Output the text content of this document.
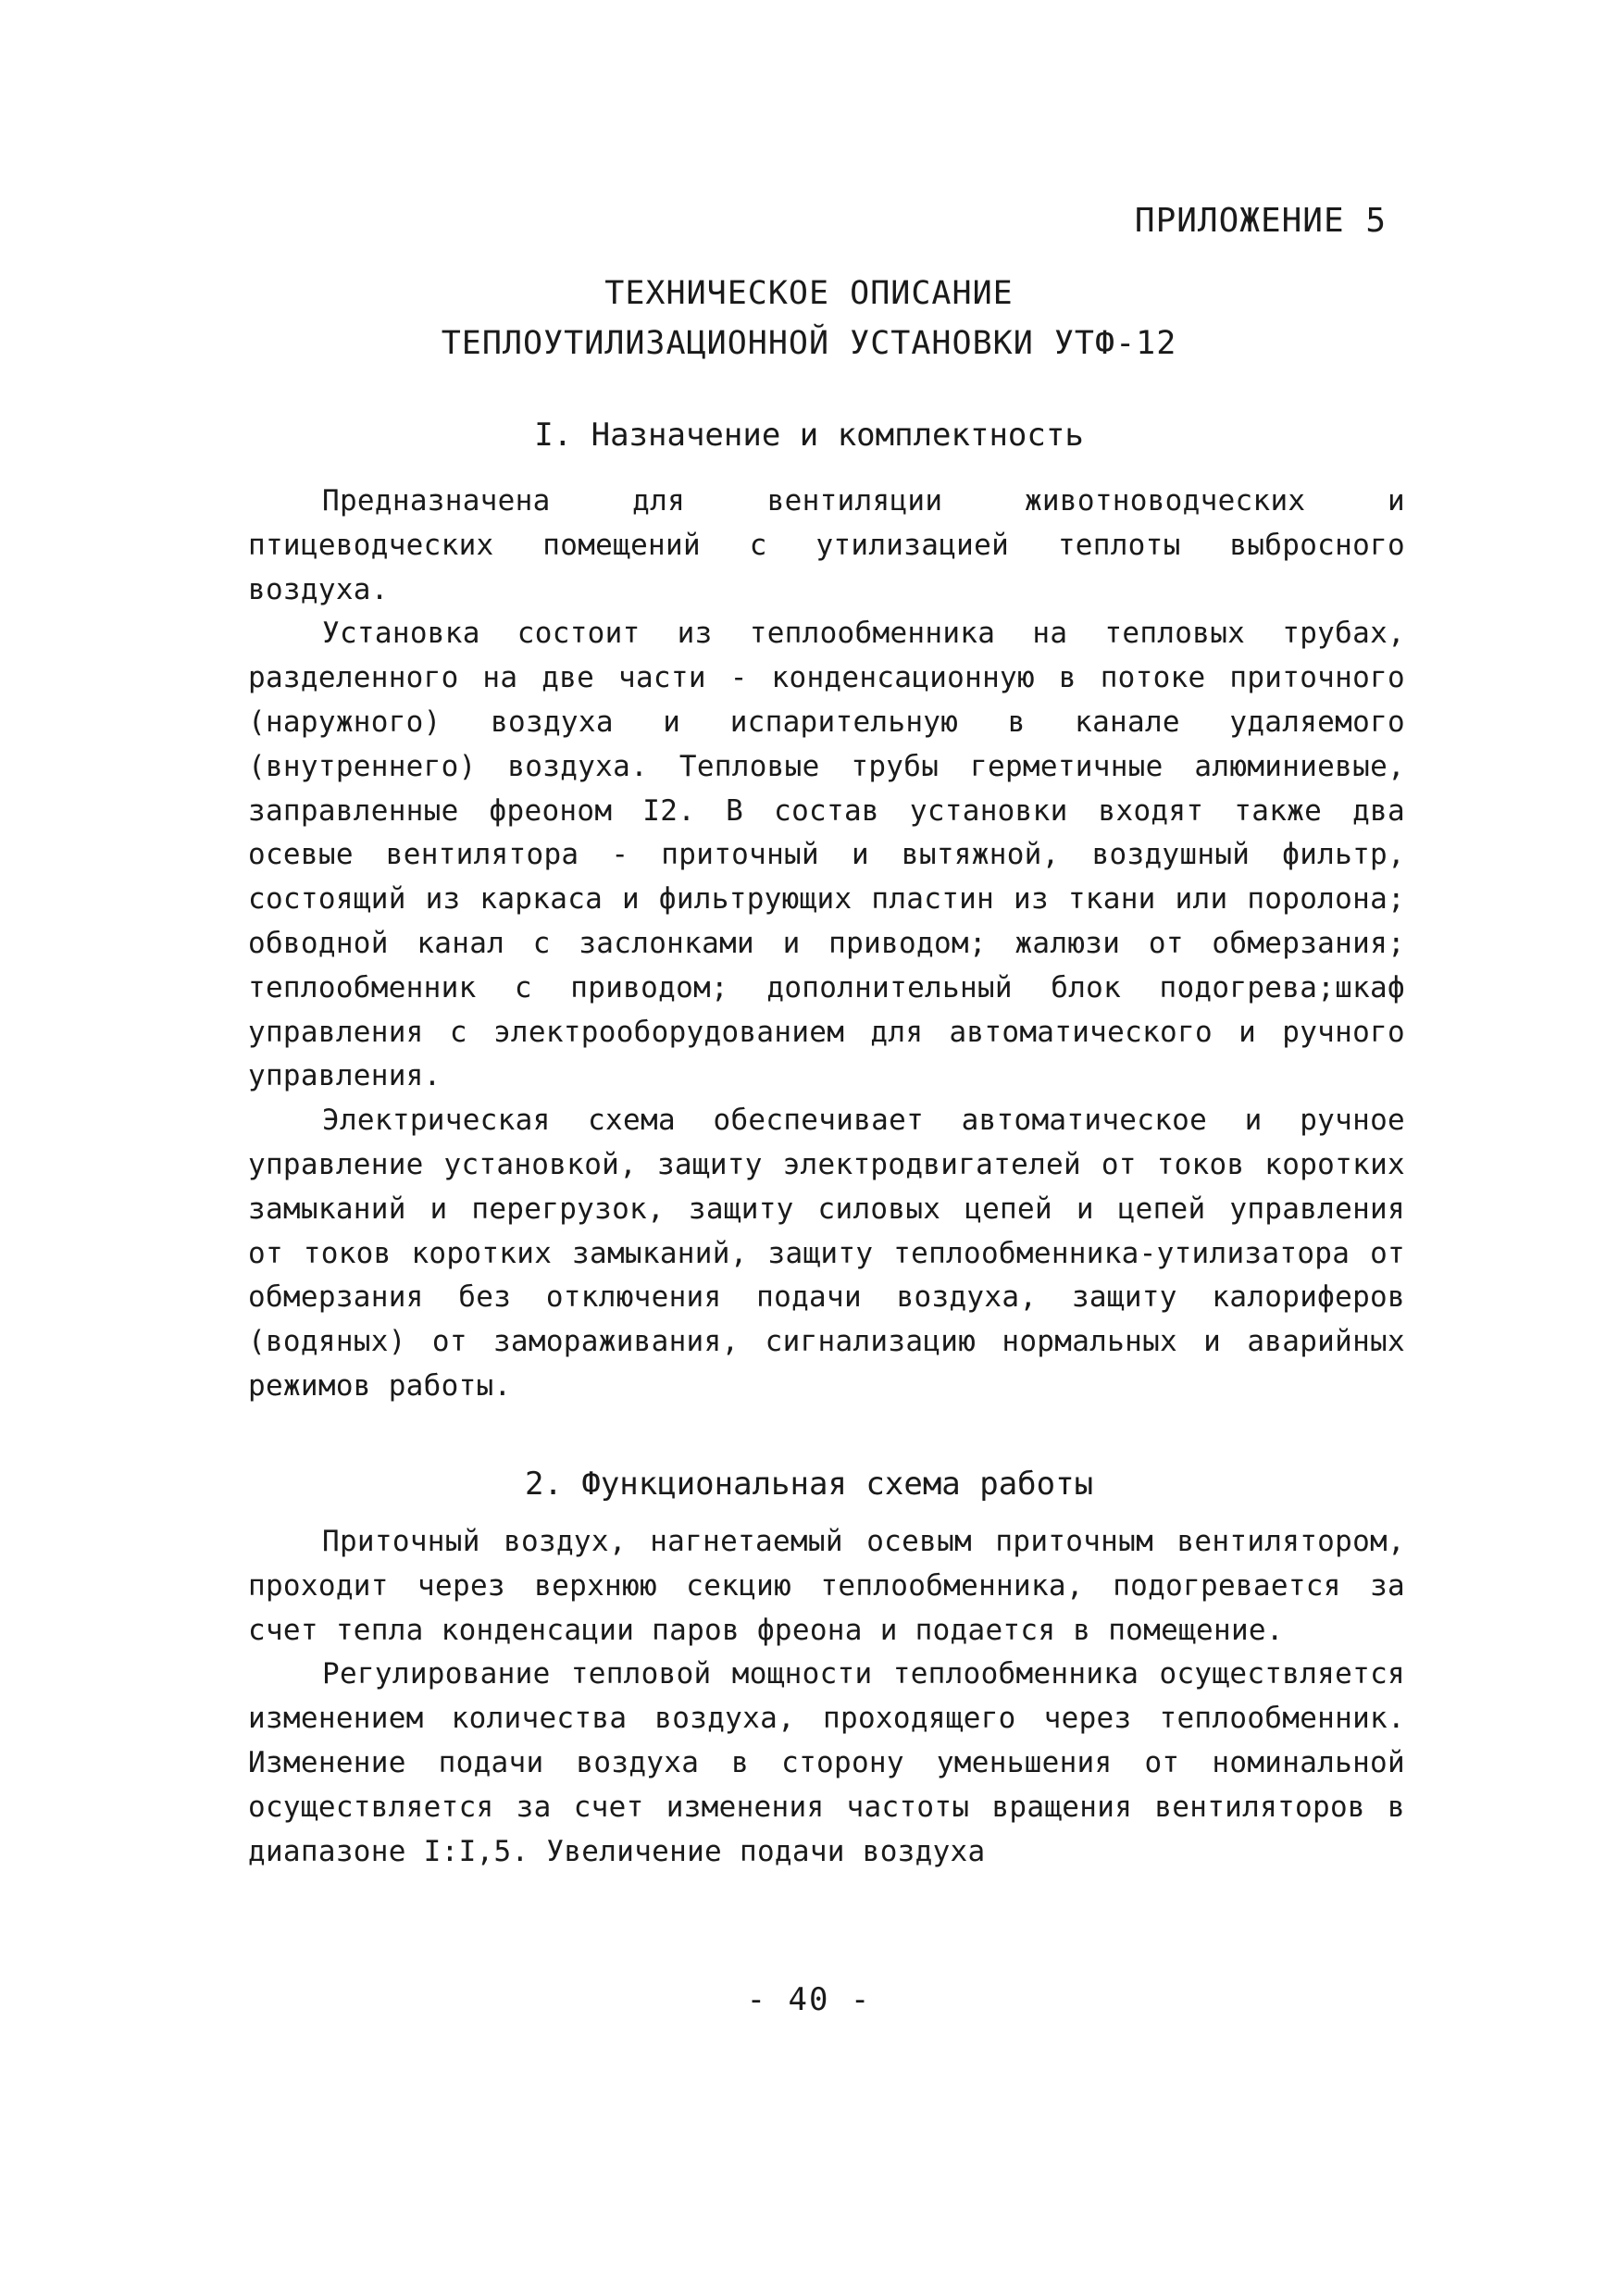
ПРИЛОЖЕНИЕ 5
ТЕХНИЧЕСКОЕ ОПИСАНИЕ
ТЕПЛОУТИЛИЗАЦИОННОЙ УСТАНОВКИ УТФ-12
I. Назначение и комплектность

Предназначена для вентиляции животноводческих и птицеводческих помещений с утилизацией теплоты выбросного воздуха.

Установка состоит из теплообменника на тепловых трубах, разделенного на две части - конденсационную в потоке приточного (наружного) воздуха и испарительную в канале удаляемого (внутреннего) воздуха. Тепловые трубы герметичные алюминиевые, заправленные фреоном I2. В состав установки входят также два осевые вентилятора - приточный и вытяжной, воздушный фильтр, состоящий из каркаса и фильтрующих пластин из ткани или поролона; обводной канал с заслонками и приводом; жалюзи от обмерзания; теплообменник с приводом; дополнительный блок подогрева;шкаф управления с электрооборудованием для автоматического и ручного управления.

Электрическая схема обеспечивает автоматическое и ручное управление установкой, защиту электродвигателей от токов коротких замыканий и перегрузок, защиту силовых цепей и цепей управления от токов коротких замыканий, защиту теплообменника-утилизатора от обмерзания без отключения подачи воздуха, защиту калориферов (водяных) от замораживания, сигнализацию нормальных и аварийных режимов работы.

2. Функциональная схема работы

Приточный воздух, нагнетаемый осевым приточным вентилятором, проходит через верхнюю секцию теплообменника, подогревается за счет тепла конденсации паров фреона и подается в помещение.

Регулирование тепловой мощности теплообменника осуществляется изменением количества воздуха, проходящего через теплообменник. Изменение подачи воздуха в сторону уменьшения от номинальной осуществляется за счет изменения частоты вращения вентиляторов в диапазоне I:I,5. Увеличение подачи воздуха

- 40 -
